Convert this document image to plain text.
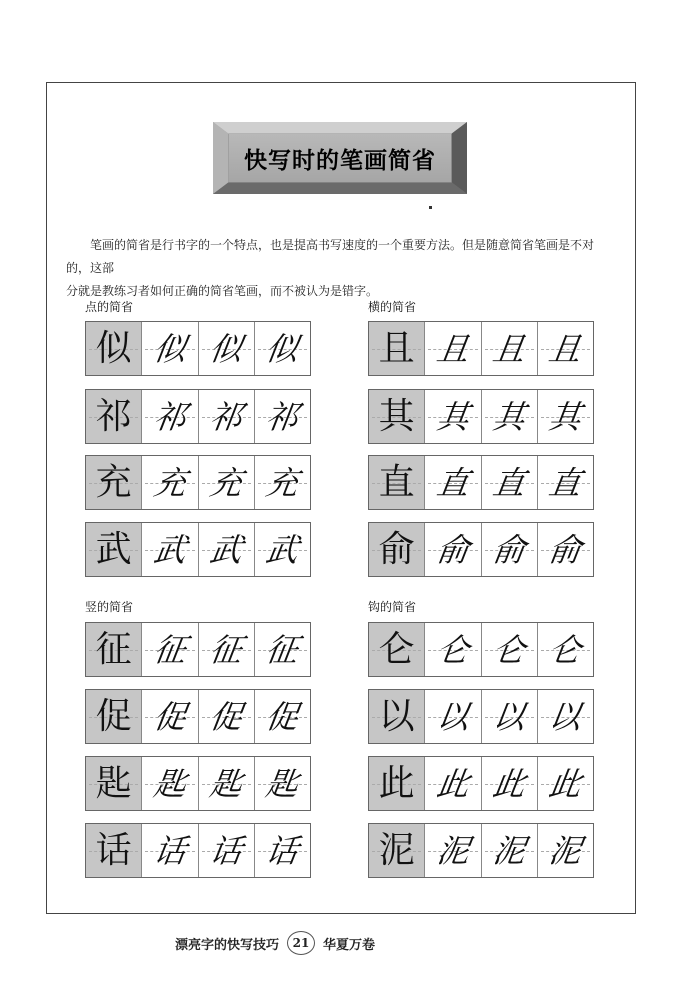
快写时的笔画简省
笔画的简省是行书字的一个特点，也是提高书写速度的一个重要方法。但是随意简省笔画是不对的，这部
分就是教练习者如何正确的简省笔画，而不被认为是错字。
点的简省	横的简省
竖的简省	钩的简省
似 似 似 似
祁 祁 祁 祁
充 充 充 充
武 武 武 武
且 且 且 且
其 其 其 其
直 直 直 直
俞 俞 俞 俞
征 征 征 征
促 促 促 促
匙 匙 匙 匙
话 话 话 话
仑 仑 仑 仑
以 以 以 以
此 此 此 此
泥 泥 泥 泥
漂亮字的快写技巧	21	华夏万卷
